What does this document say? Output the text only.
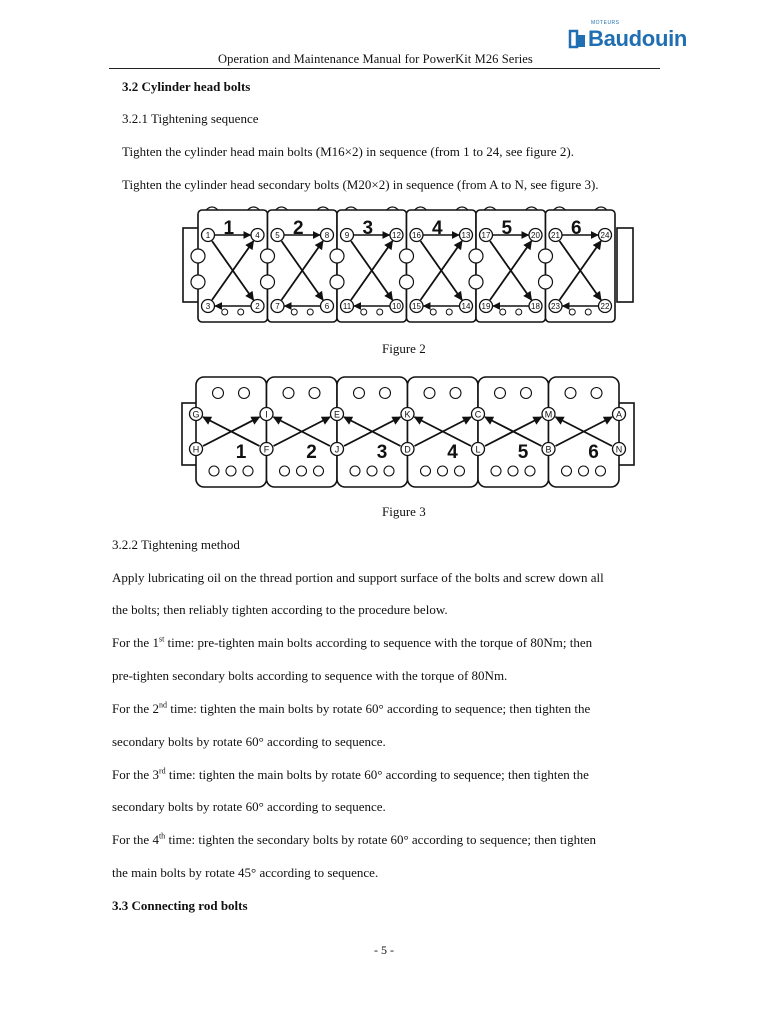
MOTEURS
Baudouin
Operation and Maintenance Manual for PowerKit M26 Series
3.2 Cylinder head bolts
3.2.1 Tightening sequence
Tighten the cylinder head main bolts (M16×2) in sequence (from 1 to 24, see figure 2).
Tighten the cylinder head secondary bolts (M20×2) in sequence (from A to N, see figure 3).
1
1	4
3	2
2
5	8
7	6
3
9	12
11	10
4
16	13
15	14
5
17	20
19	18
6
21	24
23	22
Figure 2
1	2	3	4	5	6
G	I	E	K	C	M	A
H	F	J	D	L	B	N
Figure 3
3.2.2 Tightening method
Apply lubricating oil on the thread portion and support surface of the bolts and screw down all
the bolts; then reliably tighten according to the procedure below.
For the 1st time: pre-tighten main bolts according to sequence with the torque of 80Nm; then
pre-tighten secondary bolts according to sequence with the torque of 80Nm.
For the 2nd time: tighten the main bolts by rotate 60° according to sequence; then tighten the
secondary bolts by rotate 60° according to sequence.
For the 3rd time: tighten the main bolts by rotate 60° according to sequence; then tighten the
secondary bolts by rotate 60° according to sequence.
For the 4th time: tighten the secondary bolts by rotate 60° according to sequence; then tighten
the main bolts by rotate 45° according to sequence.
3.3 Connecting rod bolts
- 5 -
